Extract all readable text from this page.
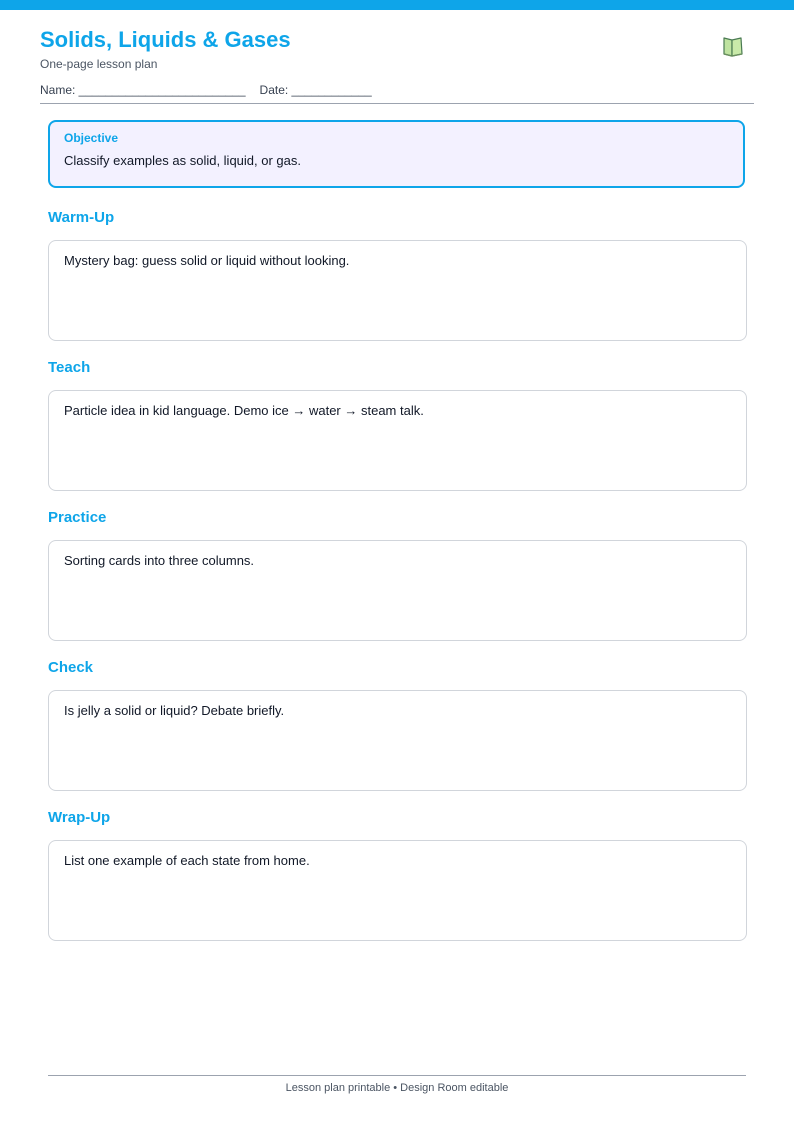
Solids, Liquids & Gases
One-page lesson plan
Name: _________________________ Date: ____________
Objective
Classify examples as solid, liquid, or gas.
Warm-Up
Mystery bag: guess solid or liquid without looking.
Teach
Particle idea in kid language. Demo ice → water → steam talk.
Practice
Sorting cards into three columns.
Check
Is jelly a solid or liquid? Debate briefly.
Wrap-Up
List one example of each state from home.
Lesson plan printable • Design Room editable
